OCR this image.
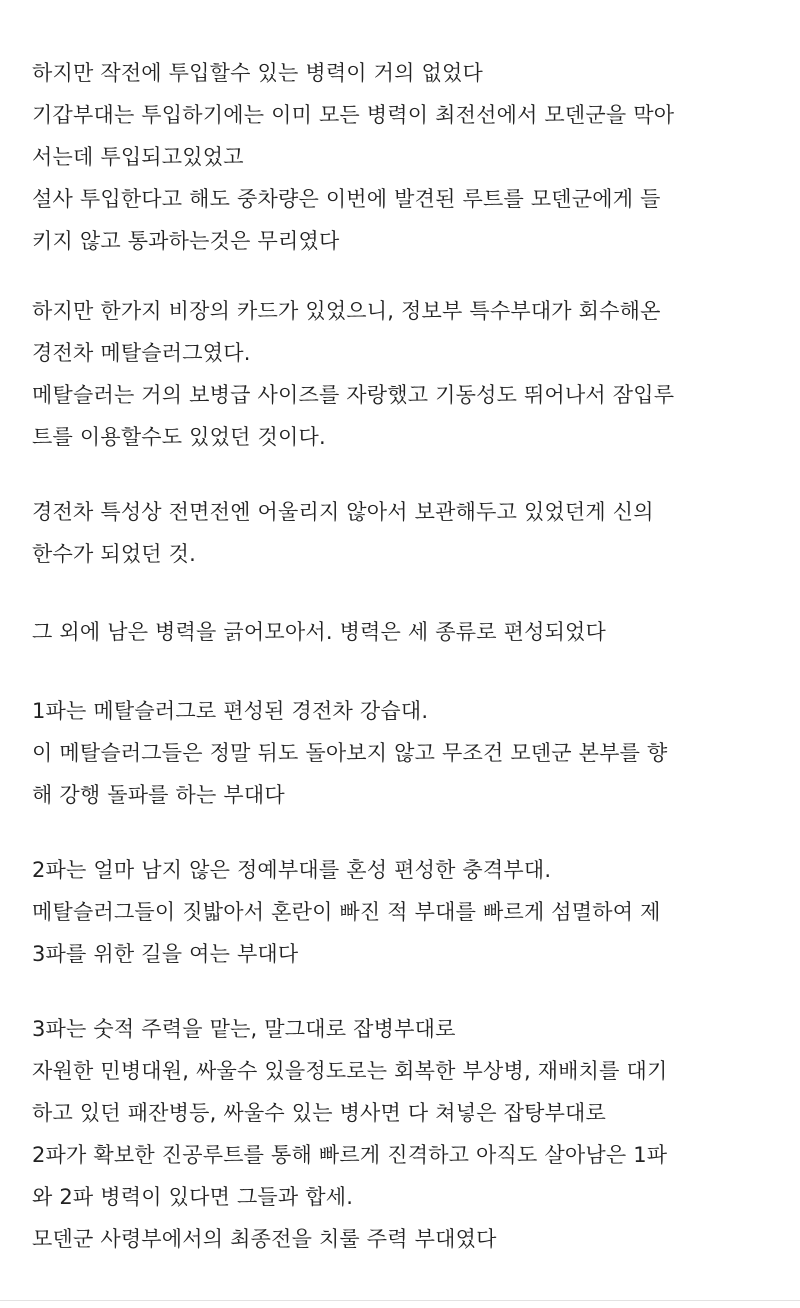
하지만 작전에 투입할수 있는 병력이 거의 없었다
기갑부대는 투입하기에는 이미 모든 병력이 최전선에서 모덴군을 막아
서는데 투입되고있었고
설사 투입한다고 해도 중차량은 이번에 발견된 루트를 모덴군에게 들
키지 않고 통과하는것은 무리였다
하지만 한가지 비장의 카드가 있었으니, 정보부 특수부대가 회수해온
경전차 메탈슬러그였다.
메탈슬러는 거의 보병급 사이즈를 자랑했고 기동성도 뛰어나서 잠입루
트를 이용할수도 있었던 것이다.
경전차 특성상 전면전엔 어울리지 않아서 보관해두고 있었던게 신의
한수가 되었던 것.
그 외에 남은 병력을 긁어모아서. 병력은 세 종류로 편성되었다
1파는 메탈슬러그로 편성된 경전차 강습대.
이 메탈슬러그들은 정말 뒤도 돌아보지 않고 무조건 모덴군 본부를 향
해 강행 돌파를 하는 부대다
2파는 얼마 남지 않은 정예부대를 혼성 편성한 충격부대.
메탈슬러그들이 짓밟아서 혼란이 빠진 적 부대를 빠르게 섬멸하여 제
3파를 위한 길을 여는 부대다
3파는 숫적 주력을 맡는, 말그대로 잡병부대로
자원한 민병대원, 싸울수 있을정도로는 회복한 부상병, 재배치를 대기
하고 있던 패잔병등, 싸울수 있는 병사면 다 쳐넣은 잡탕부대로
2파가 확보한 진공루트를 통해 빠르게 진격하고 아직도 살아남은 1파
와 2파 병력이 있다면 그들과 합세.
모덴군 사령부에서의 최종전을 치룰 주력 부대였다
